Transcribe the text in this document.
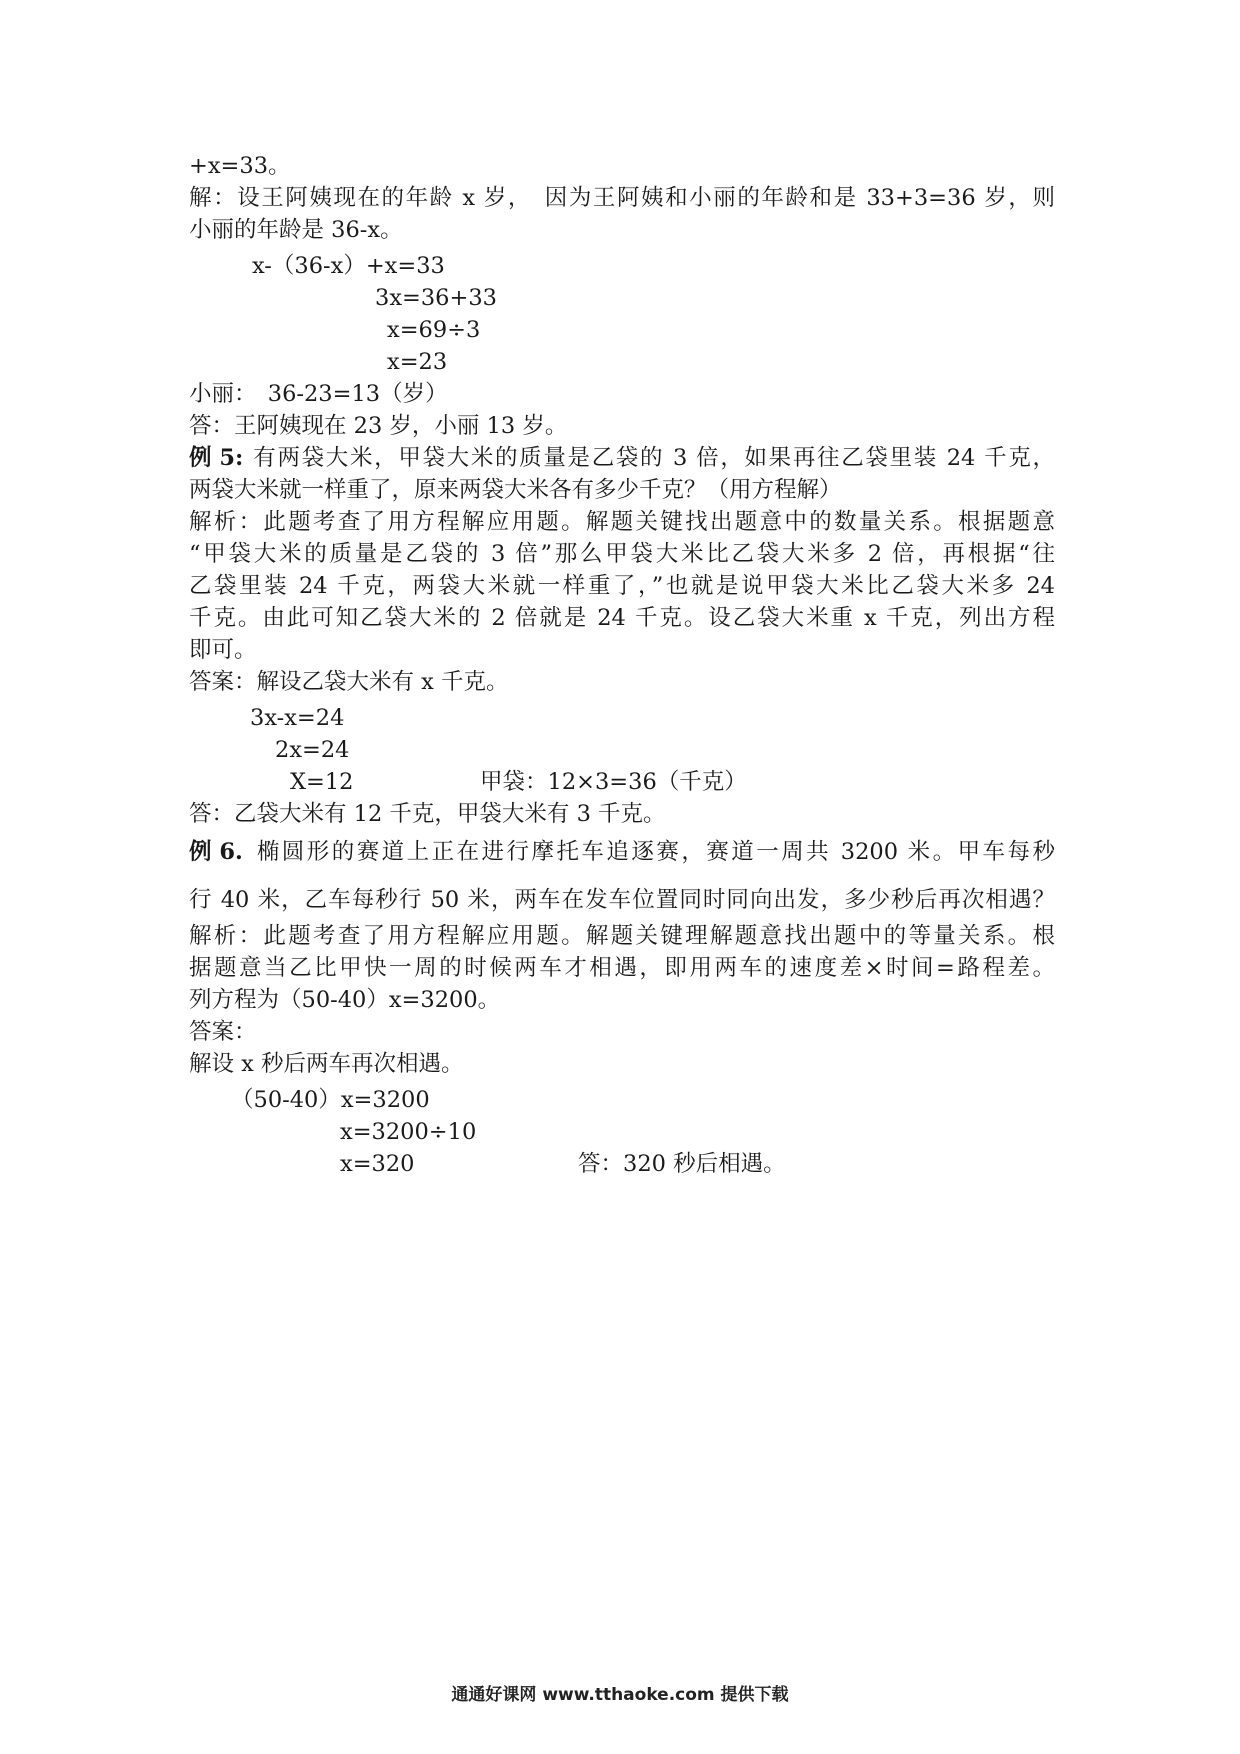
+x=33。
解：设王阿姨现在的年龄 x 岁，　因为王阿姨和小丽的年龄和是 33+3=36 岁，则
小丽的年龄是 36-x。
x-（36-x）+x=33
3x=36+33
x=69÷3
x=23
小丽：　36-23=13（岁）
答：王阿姨现在 23 岁，小丽 13 岁。
例 5: 有两袋大米，甲袋大米的质量是乙袋的 3 倍，如果再往乙袋里装 24 千克，
两袋大米就一样重了，原来两袋大米各有多少千克？（用方程解）
解析：此题考查了用方程解应用题。解题关键找出题意中的数量关系。根据题意
“甲袋大米的质量是乙袋的 3 倍”那么甲袋大米比乙袋大米多 2 倍，再根据“往
乙袋里装 24 千克，两袋大米就一样重了，”也就是说甲袋大米比乙袋大米多 24
千克。由此可知乙袋大米的 2 倍就是 24 千克。设乙袋大米重 x 千克，列出方程
即可。
答案：解设乙袋大米有 x 千克。
3x-x=24
2x=24
X=12	甲袋：12×3=36（千克）
答：乙袋大米有 12 千克，甲袋大米有 3 千克。
例 6. 椭圆形的赛道上正在进行摩托车追逐赛，赛道一周共 3200 米。甲车每秒
行 40 米，乙车每秒行 50 米，两车在发车位置同时同向出发，多少秒后再次相遇？
解析：此题考查了用方程解应用题。解题关键理解题意找出题中的等量关系。根
据题意当乙比甲快一周的时候两车才相遇，即用两车的速度差×时间=路程差。
列方程为（50-40）x=3200。
答案：
解设 x 秒后两车再次相遇。
（50-40）x=3200
x=3200÷10
x=320	答：320 秒后相遇。
通通好课网 www.tthaoke.com 提供下载
